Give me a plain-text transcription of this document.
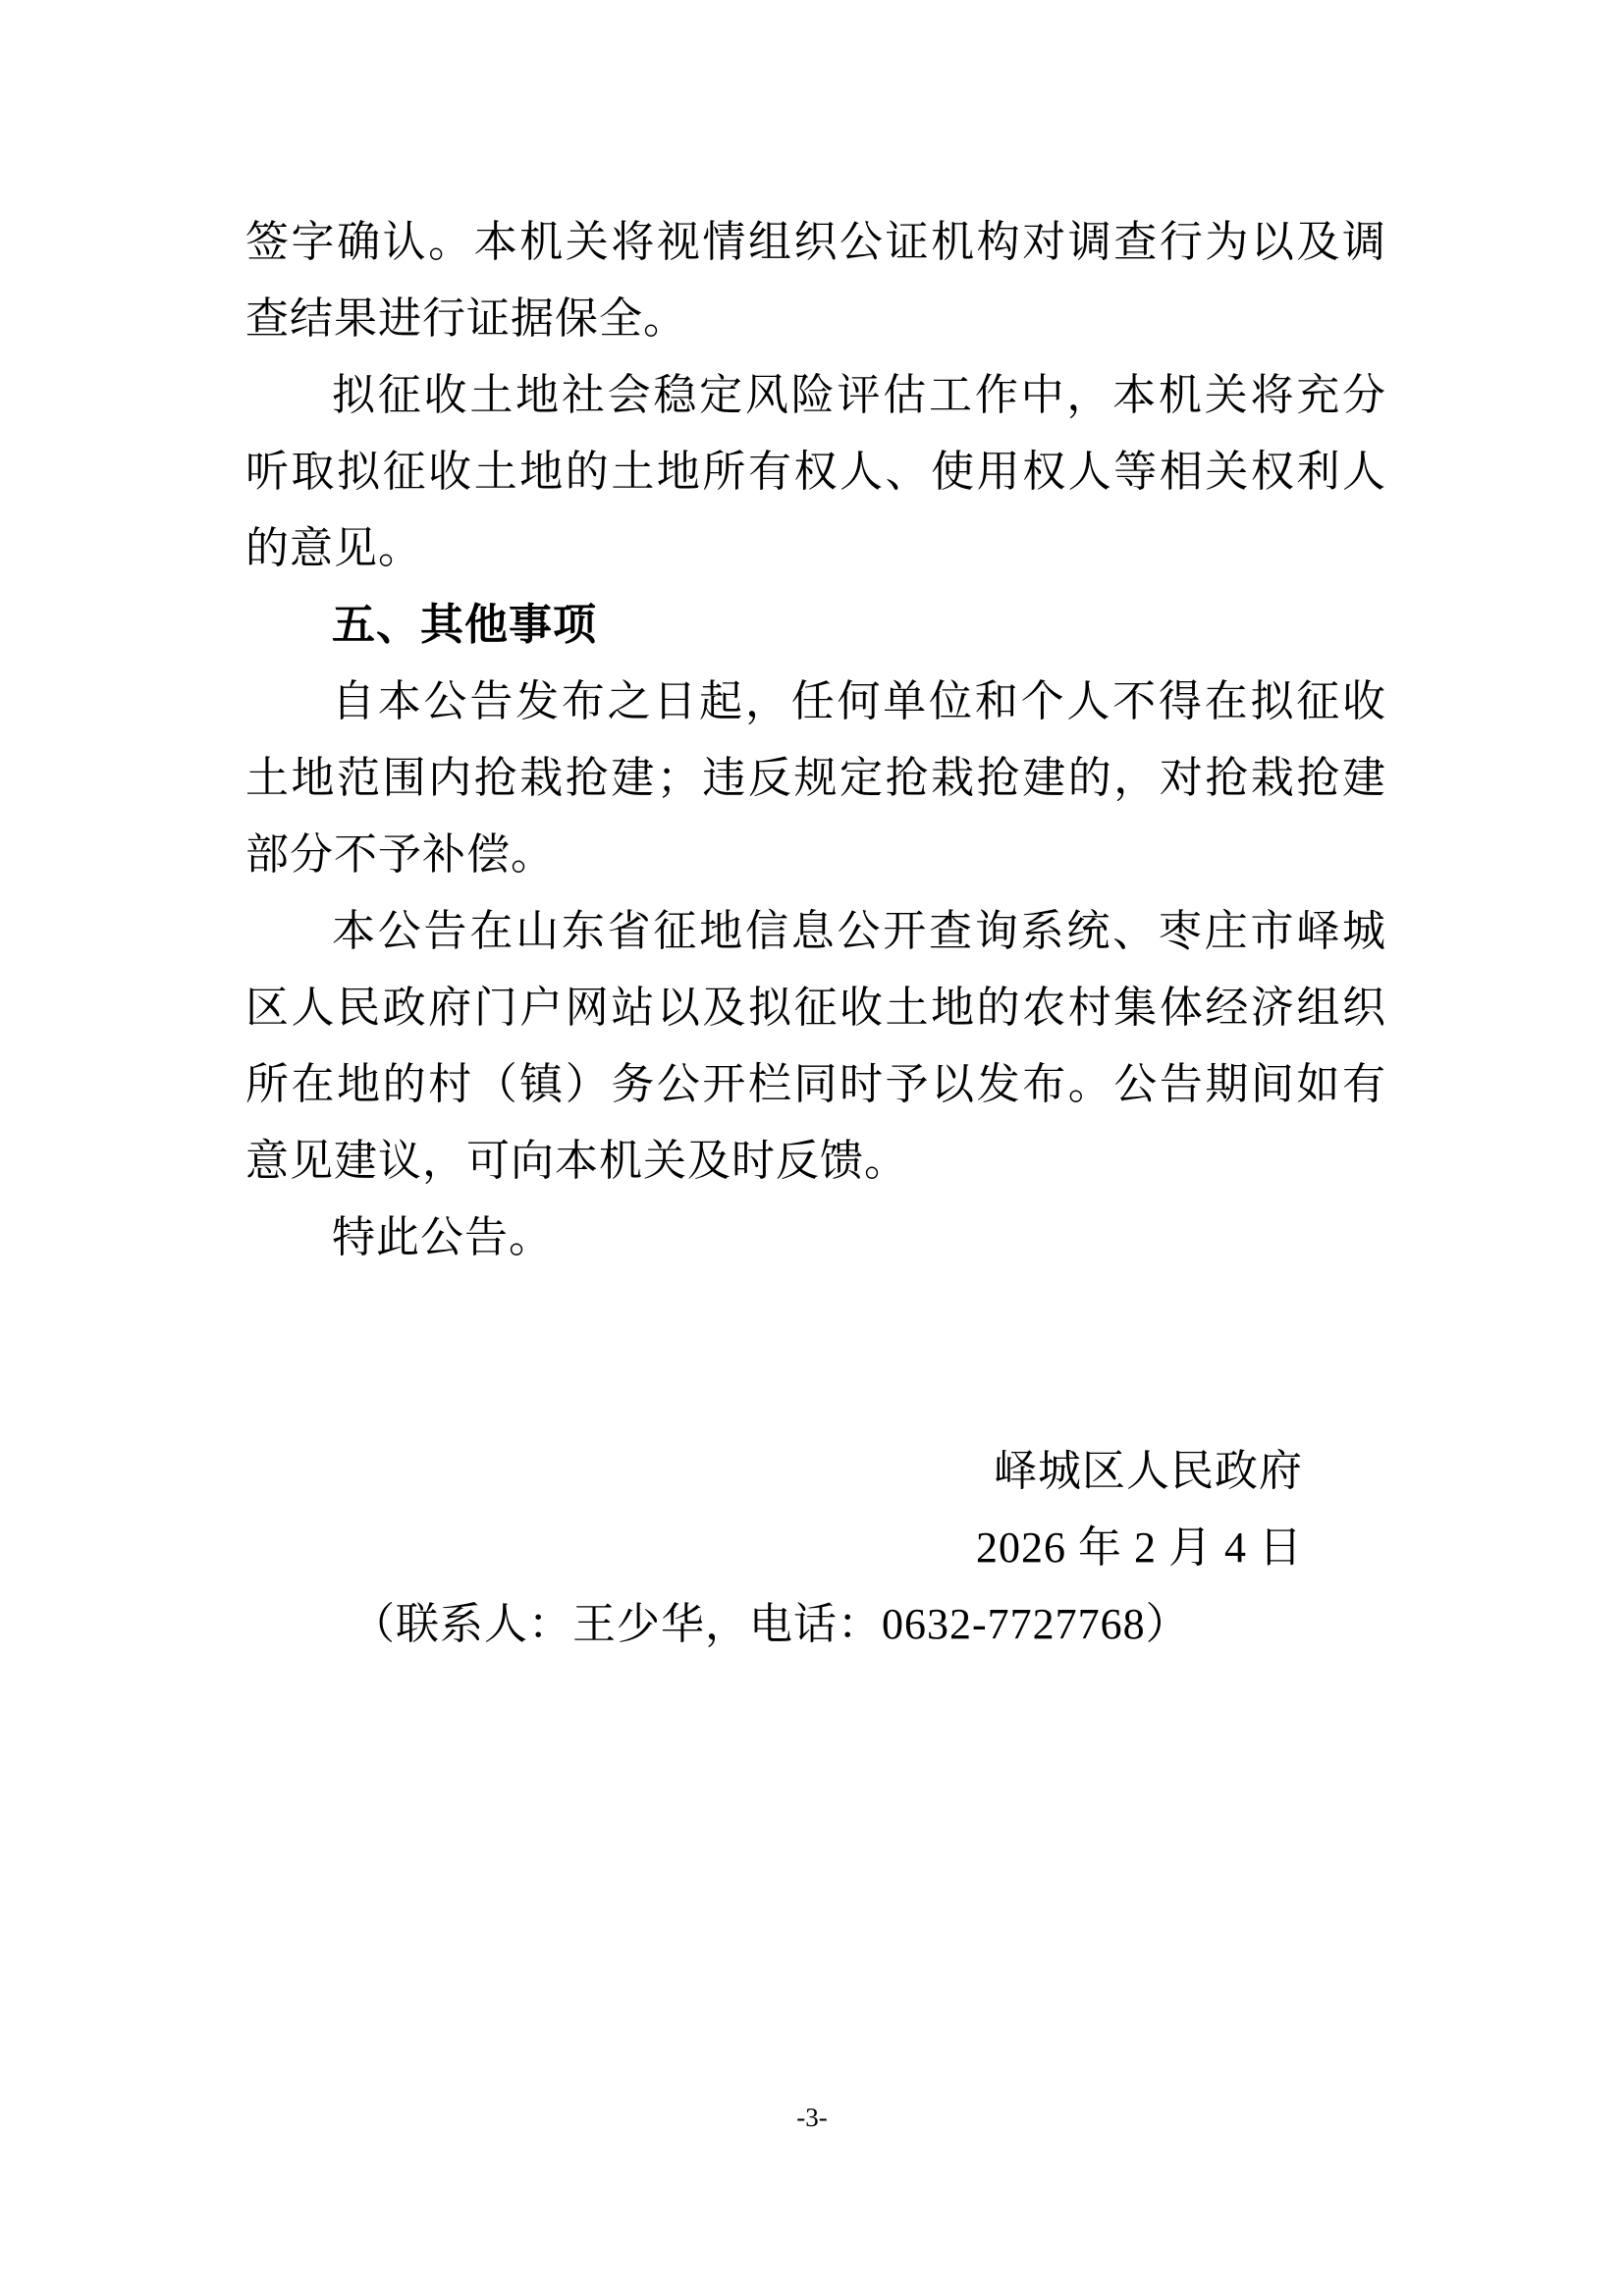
签字确认。本机关将视情组织公证机构对调查行为以及调查结果进行证据保全。

拟征收土地社会稳定风险评估工作中，本机关将充分听取拟征收土地的土地所有权人、使用权人等相关权利人的意见。

五、其他事项

自本公告发布之日起，任何单位和个人不得在拟征收土地范围内抢栽抢建；违反规定抢栽抢建的，对抢栽抢建部分不予补偿。

本公告在山东省征地信息公开查询系统、枣庄市峄城区人民政府门户网站以及拟征收土地的农村集体经济组织所在地的村（镇）务公开栏同时予以发布。公告期间如有意见建议，可向本机关及时反馈。

特此公告。

峄城区人民政府
2026 年 2 月 4 日

（联系人：王少华，电话：0632-7727768）

-3-
